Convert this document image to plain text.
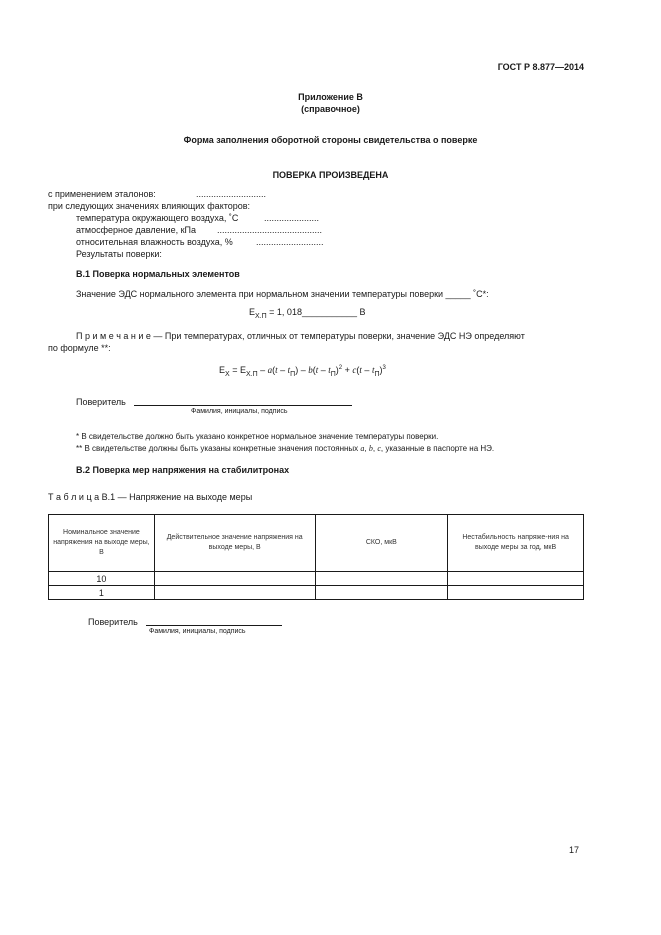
ГОСТ Р 8.877—2014
Приложение В
(справочное)
Форма заполнения оборотной стороны свидетельства о поверке
ПОВЕРКА ПРОИЗВЕДЕНА
с применением эталонов:	............................
при следующих значениях влияющих факторов:
температура окружающего воздуха, ˚С	......................
атмосферное давление, кПа ..........................................
относительная влажность воздуха, %	...........................
Результаты поверки:
В.1 Поверка нормальных элементов
Значение ЭДС нормального элемента при нормальном значении температуры поверки _____ ˚С*:
$E_{Х.П} = 1$, 018___________ В
П р и м е ч а н и е — При температурах, отличных от температуры поверки, значение ЭДС НЭ определяют
по формуле **:
$E_X = E_{Х.П} - a(t - t_П) - b(t - t_П)^2 + c(t - t_П)^3$
Поверитель
Фамилия, инициалы, подпись
* В свидетельстве должно быть указано конкретное нормальное значение температуры поверки.
** В свидетельстве должны быть указаны конкретные значения постоянных a, b, c, указанные в паспорте на НЭ.
В.2 Поверка мер напряжения на стабилитронах
Т а б л и ц а В.1 — Напряжение на выходе меры
Номинальное значение напряжения на выходе меры, В	Действительное значение напряжения на выходе меры, В	СКО, мкВ	Нестабильность напряже-ния на выходе меры за год, мкВ
10			
1			
Поверитель
Фамилия, инициалы, подпись
17
